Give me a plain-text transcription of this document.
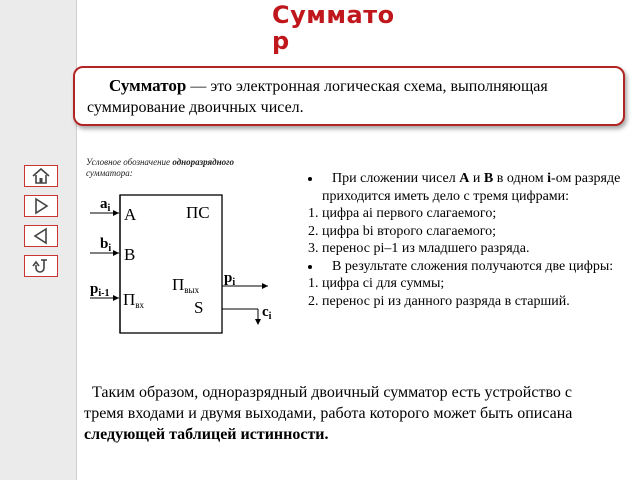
Сумматор
Сумматор — это электронная логическая схема, выполняющая суммирование двоичных чисел.
Условное обозначение одноразрядного сумматора:
$a_i$
$b_i$
$p_{i-1}$
A
B
ПС
Пвх
Пвых
S
$p_i$
$c_i$
При сложении чисел A и B в одном i-ом разряде приходится иметь дело с тремя цифрами:
1. цифра ai первого слагаемого;
2. цифра bi второго слагаемого;
3. перенос pi–1 из младшего разряда.
В результате сложения получаются две цифры:
1. цифра ci для суммы;
2. перенос pi из данного разряда в старший.
Таким образом, одноразрядный двоичный сумматор есть устройство с тремя входами и двумя выходами, работа которого может быть описана следующей таблицей истинности.
